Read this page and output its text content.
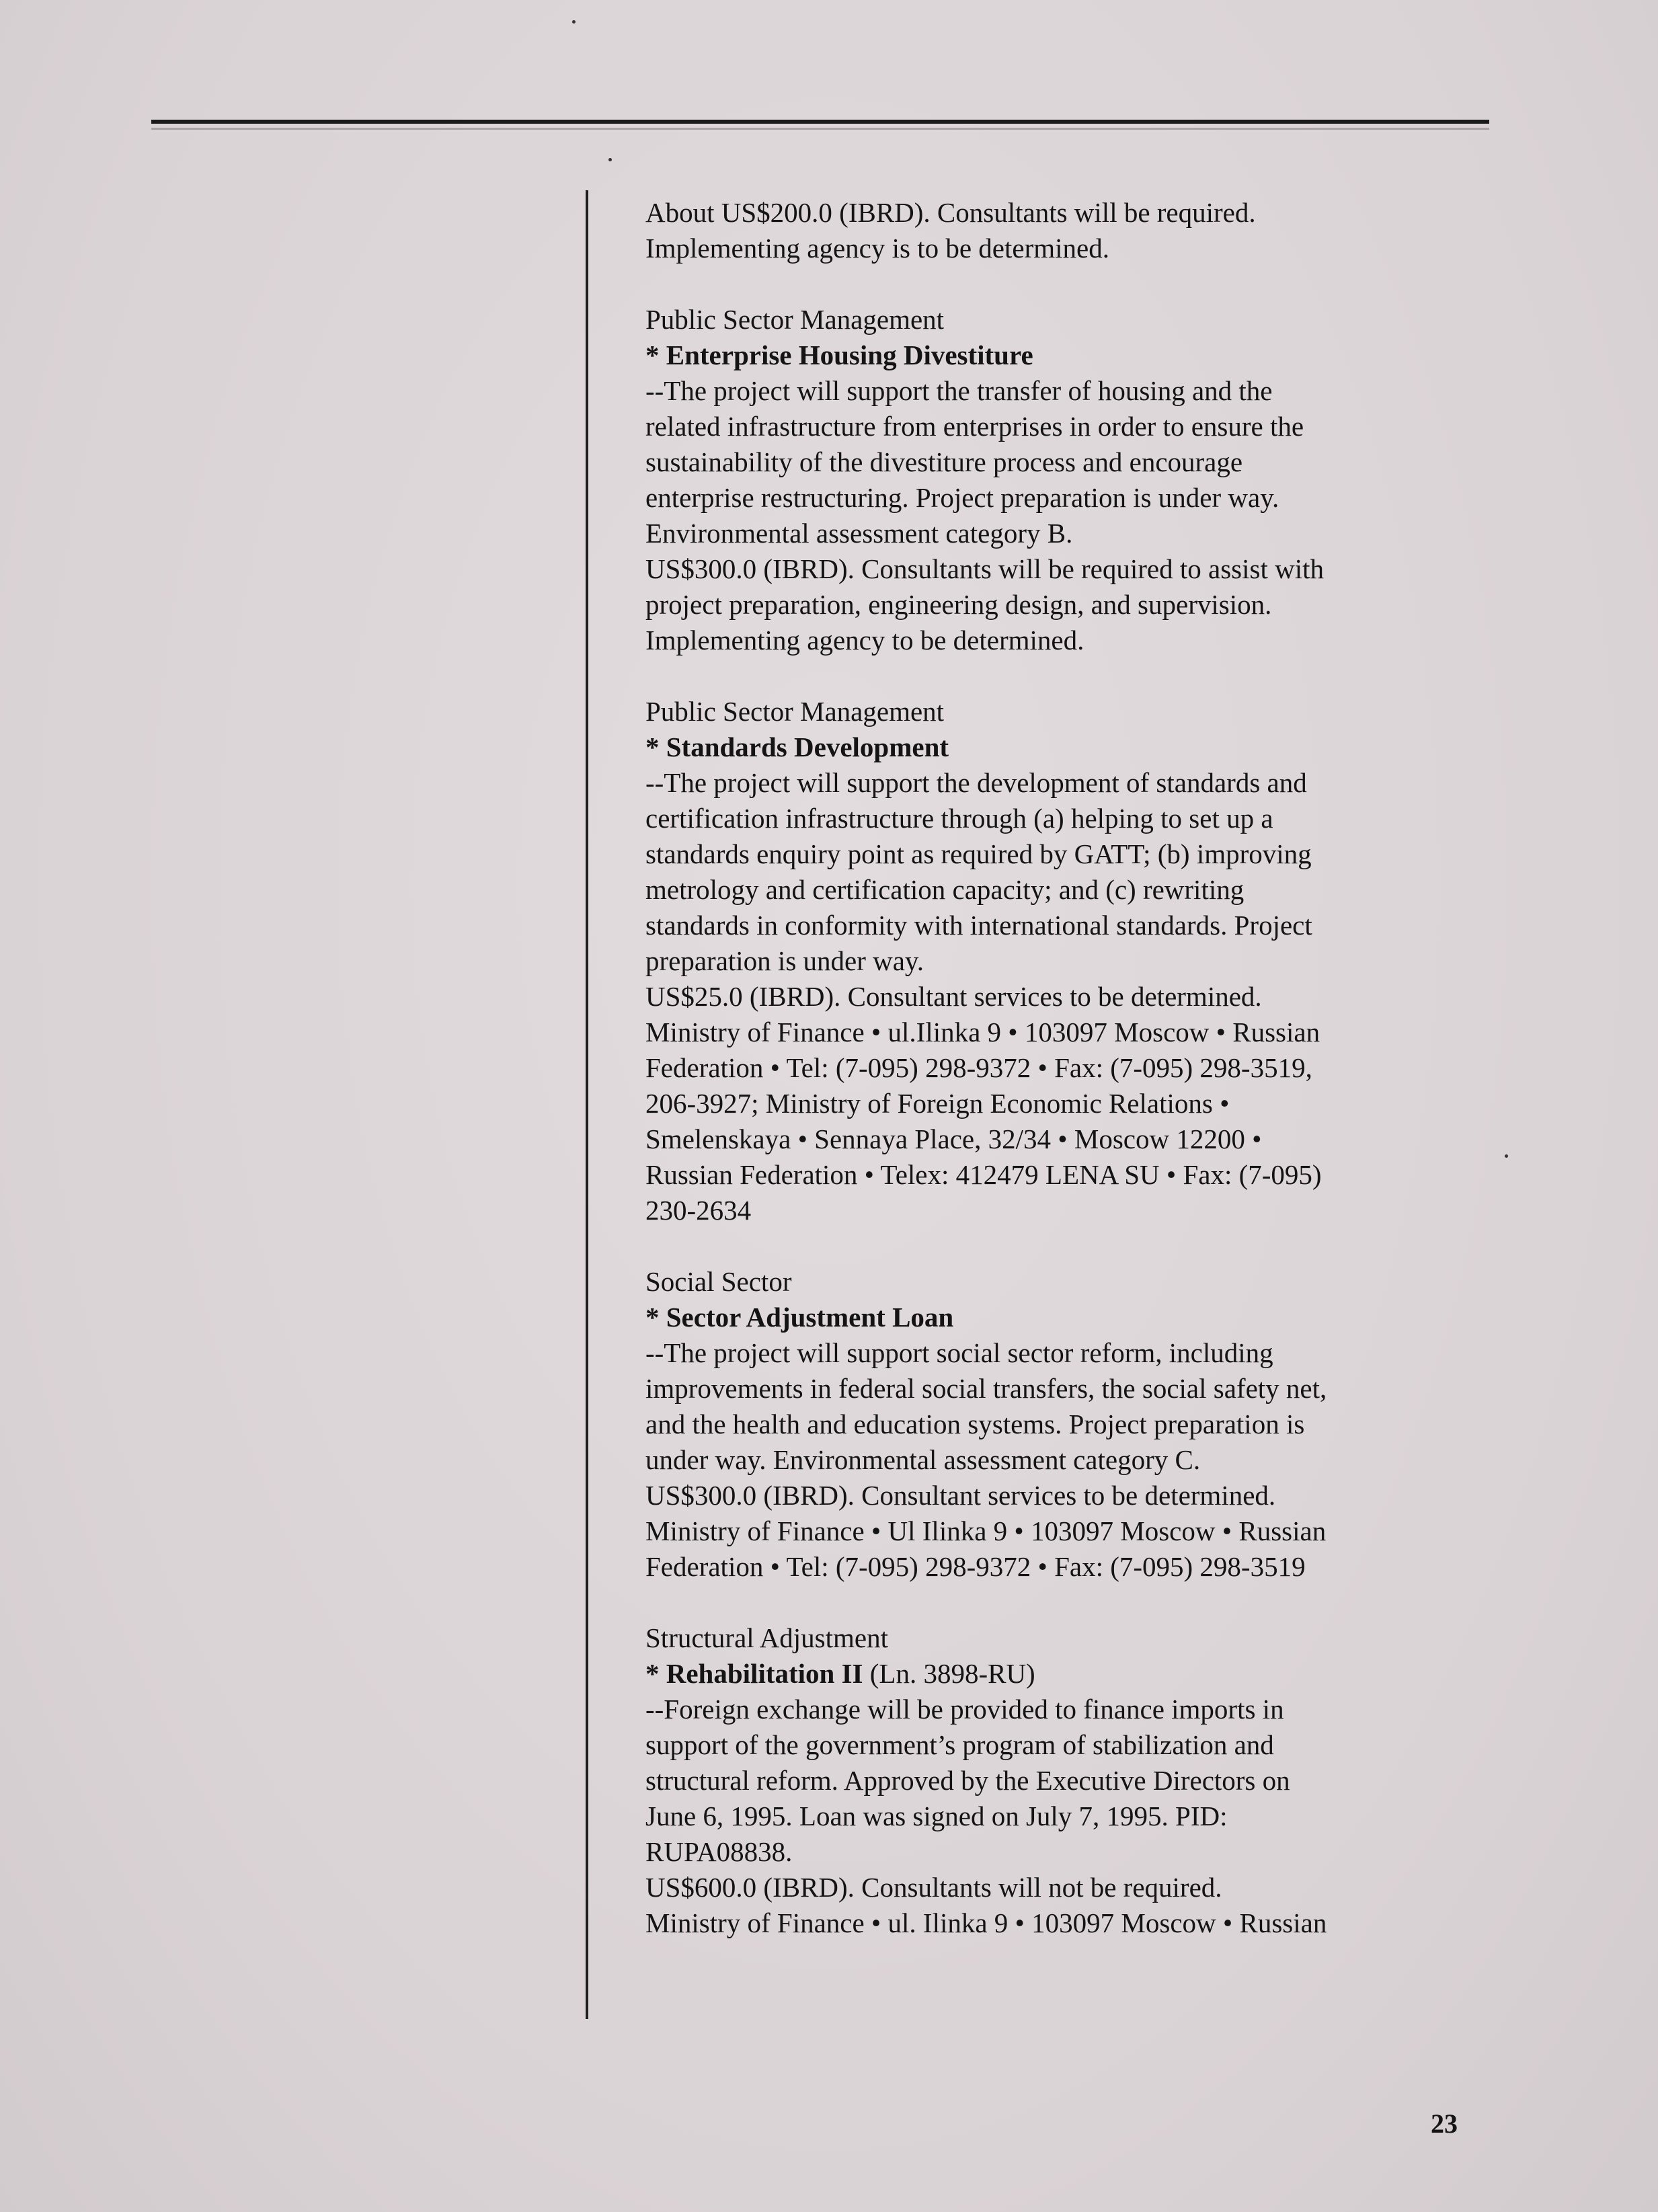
About US$200.0 (IBRD). Consultants will be required.
Implementing agency is to be determined.
Public Sector Management
* Enterprise Housing Divestiture
--The project will support the transfer of housing and the
related infrastructure from enterprises in order to ensure the
sustainability of the divestiture process and encourage
enterprise restructuring. Project preparation is under way.
Environmental assessment category B.
US$300.0 (IBRD). Consultants will be required to assist with
project preparation, engineering design, and supervision.
Implementing agency to be determined.
Public Sector Management
* Standards Development
--The project will support the development of standards and
certification infrastructure through (a) helping to set up a
standards enquiry point as required by GATT; (b) improving
metrology and certification capacity; and (c) rewriting
standards in conformity with international standards. Project
preparation is under way.
US$25.0 (IBRD). Consultant services to be determined.
Ministry of Finance • ul.Ilinka 9 • 103097 Moscow • Russian
Federation • Tel: (7-095) 298-9372 • Fax: (7-095) 298-3519,
206-3927; Ministry of Foreign Economic Relations •
Smelenskaya • Sennaya Place, 32/34 • Moscow 12200 •
Russian Federation • Telex: 412479 LENA SU • Fax: (7-095)
230-2634
Social Sector
* Sector Adjustment Loan
--The project will support social sector reform, including
improvements in federal social transfers, the social safety net,
and the health and education systems. Project preparation is
under way. Environmental assessment category C.
US$300.0 (IBRD). Consultant services to be determined.
Ministry of Finance • Ul Ilinka 9 • 103097 Moscow • Russian
Federation • Tel: (7-095) 298-9372 • Fax: (7-095) 298-3519
Structural Adjustment
* Rehabilitation II (Ln. 3898-RU)
--Foreign exchange will be provided to finance imports in
support of the government’s program of stabilization and
structural reform. Approved by the Executive Directors on
June 6, 1995. Loan was signed on July 7, 1995. PID:
RUPA08838.
US$600.0 (IBRD). Consultants will not be required.
Ministry of Finance • ul. Ilinka 9 • 103097 Moscow • Russian
23
